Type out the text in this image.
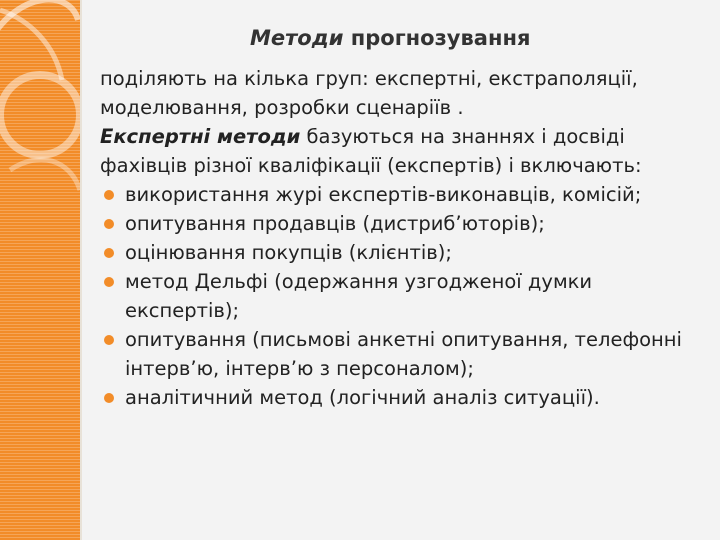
Методи прогнозування

поділяють на кілька груп: експертні, екстраполяції, моделювання, розробки сценаріїв .

Експертні методи базуються на знаннях і досвіді фахівців різної кваліфікації (експертів) і включають:

використання журі експертів-виконавців, комісій;
опитування продавців (дистриб’юторів);
оцінювання покупців (клієнтів);
метод Дельфі (одержання узгодженої думки експертів);
опитування (письмові анкетні опитування, телефонні інтерв’ю, інтерв’ю з персоналом);
аналітичний метод (логічний аналіз ситуації).
